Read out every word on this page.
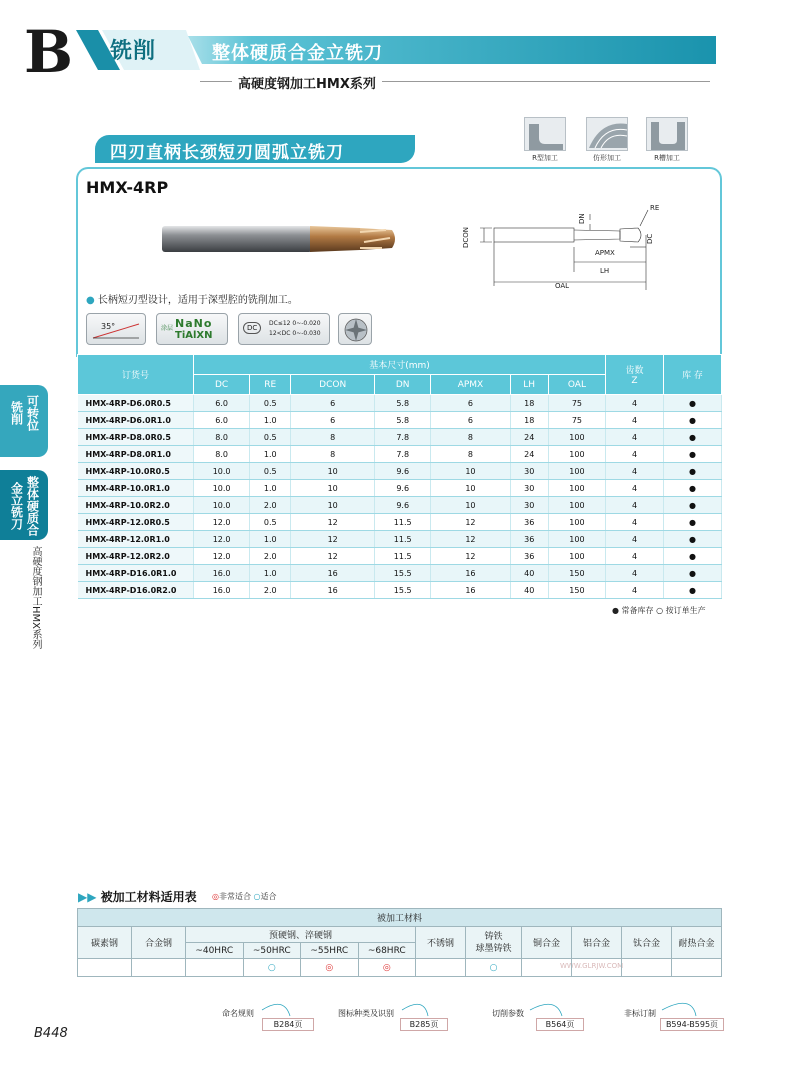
B 铣削	整体硬质合金立铣刀
高硬度钢加工HMX系列
四刃直柄长颈短刃圆弧立铣刀	R型加工	仿形加工	R槽加工
HMX-4RP
RE
DCON
DN
DC
APMX
LH
OAL
● 长柄短刃型设计，适用于深型腔的铣削加工。
35°	涂层 NaNo
TiAlXN
DC
DC≤12 0~-0.020
12<DC 0~-0.030
订货号	基本尺寸(mm)							齿数
Z	库 存
	DC	RE	DCON	DN	APMX	LH	OAL		
HMX-4RP-D6.0R0.5	6.0	0.5	6	5.8	6	18	75	4	●
HMX-4RP-D6.0R1.0	6.0	1.0	6	5.8	6	18	75	4	●
HMX-4RP-D8.0R0.5	8.0	0.5	8	7.8	8	24	100	4	●
HMX-4RP-D8.0R1.0	8.0	1.0	8	7.8	8	24	100	4	●
HMX-4RP-10.0R0.5	10.0	0.5	10	9.6	10	30	100	4	●
HMX-4RP-10.0R1.0	10.0	1.0	10	9.6	10	30	100	4	●
HMX-4RP-10.0R2.0	10.0	2.0	10	9.6	10	30	100	4	●
HMX-4RP-12.0R0.5	12.0	0.5	12	11.5	12	36	100	4	●
HMX-4RP-12.0R1.0	12.0	1.0	12	11.5	12	36	100	4	●
HMX-4RP-12.0R2.0	12.0	2.0	12	11.5	12	36	100	4	●
HMX-4RP-D16.0R1.0	16.0	1.0	16	15.5	16	40	150	4	●
HMX-4RP-D16.0R2.0	16.0	2.0	16	15.5	16	40	150	4	●
● 常备库存 ○ 按订单生产
铣削 可转位
金立铣刀 整体硬质合
高硬度钢加工HMX系列
▶▶ 被加工材料适用表 ◎非常适合 ○适合
WWW.GLRJW.COM
被加工材料											
碳素钢	合金钢	预硬钢、淬硬钢				不锈钢	铸铁
球墨铸铁	铜合金	铝合金	钛合金	耐热合金
		~40HRC	~50HRC	~55HRC	~68HRC						
			○	◎	◎		○				
命名规则
B284页
图标种类及识别
B285页
切削参数
B564页
非标订制
B594-B595页
B448
